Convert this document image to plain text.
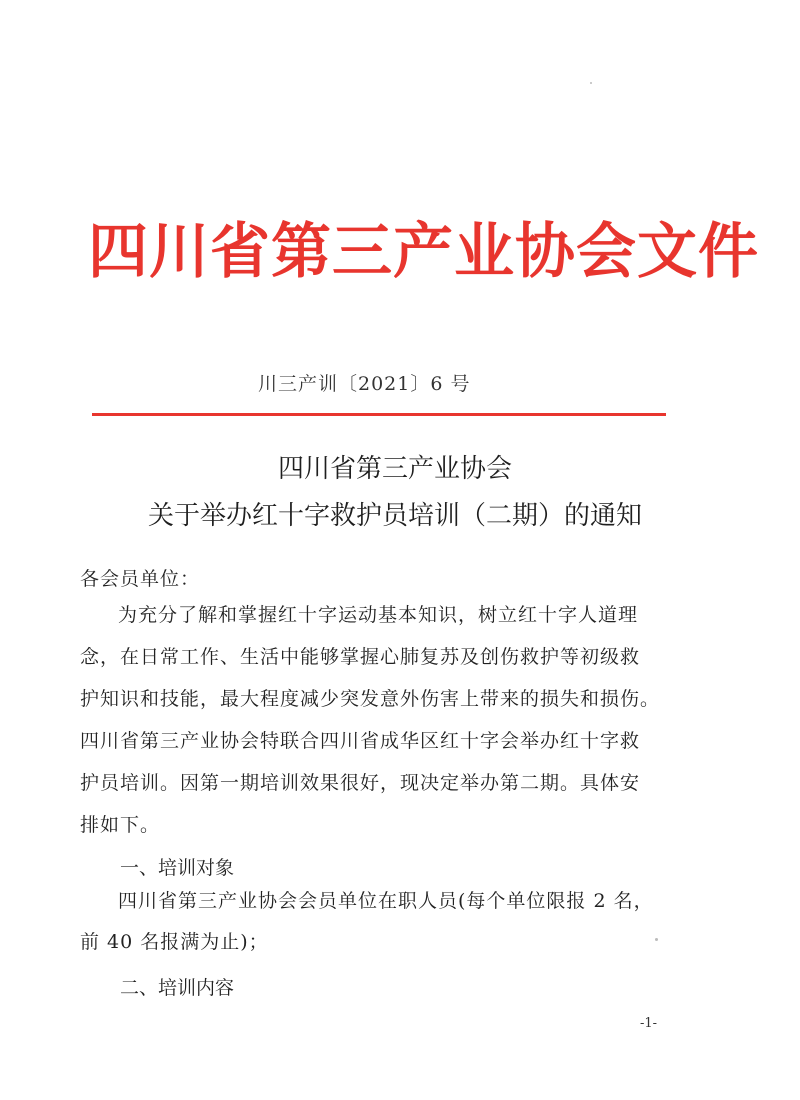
四川省第三产业协会文件
川三产训〔2021〕6 号
四川省第三产业协会
关于举办红十字救护员培训（二期）的通知
各会员单位：
为充分了解和掌握红十字运动基本知识，树立红十字人道理
念，在日常工作、生活中能够掌握心肺复苏及创伤救护等初级救
护知识和技能，最大程度减少突发意外伤害上带来的损失和损伤。
四川省第三产业协会特联合四川省成华区红十字会举办红十字救
护员培训。因第一期培训效果很好，现决定举办第二期。具体安
排如下。
一、培训对象
四川省第三产业协会会员单位在职人员(每个单位限报 2 名，
前 40 名报满为止)；
二、培训内容
-1-
